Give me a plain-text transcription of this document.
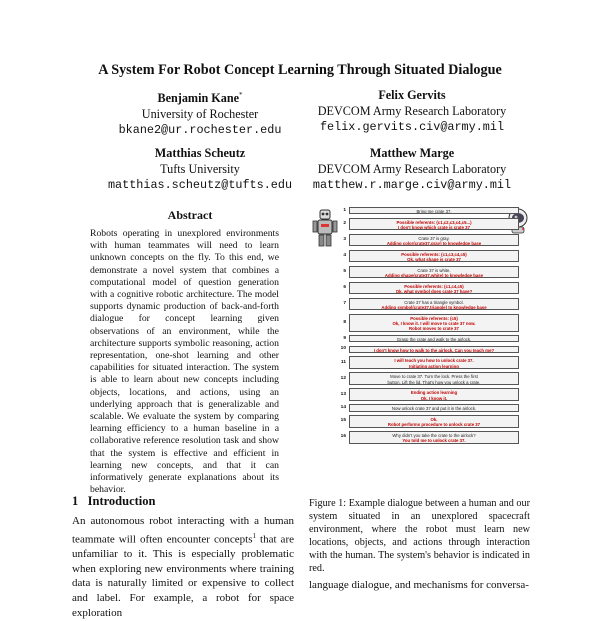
A System For Robot Concept Learning Through Situated Dialogue
Benjamin Kane*
University of Rochester
bkane2@ur.rochester.edu
Felix Gervits
DEVCOM Army Research Laboratory
felix.gervits.civ@army.mil
Matthias Scheutz
Tufts University
matthias.scheutz@tufts.edu
Matthew Marge
DEVCOM Army Research Laboratory
matthew.r.marge.civ@army.mil
Abstract
Robots operating in unexplored environments with human teammates will need to learn unknown concepts on the fly. To this end, we demonstrate a novel system that combines a computational model of question generation with a cognitive robotic architecture. The model supports dynamic production of back-and-forth dialogue for concept learning given observations of an environment, while the architecture supports symbolic reasoning, action representation, one-shot learning and other capabilities for situated interaction. The system is able to learn about new concepts including objects, locations, and actions, using an underlying approach that is generalizable and scalable. We evaluate the system by comparing learning efficiency to a human baseline in a collaborative reference resolution task and show that the system is effective and efficient in learning new concepts, and that it can informatively generate explanations about its behavior.
1   Introduction
An autonomous robot interacting with a human teammate will often encounter concepts$^1$ that are unfamiliar to it. This is especially problematic when exploring new environments where training data is naturally limited or expensive to collect and label. For example, a robot for space exploration
1	Bring me crate 37.
2	Possible referents: (c1,c2,c3,c4,c5...)
I don't know which crate is crate 37
3	Crate 37 is gray.
Adding color(crate37,gray) to knowledge base
4	Possible referents: (c1,c3,c4,c5)
Ok, what shape is crate 37
5	Crate 37 is white.
Adding shape(crate37,white) to knowledge base
6	Possible referents: (c1,c4,c5)
Ok, what symbol does crate 37 have?
7	Crate 37 has a triangle symbol.
Adding symbol(crate37,triangle) to knowledge base
8
Possible referents: (c5)
Ok, I know it. I will move to crate 37 now.
Robot moves to crate 37
9	Grasp the crate and walk to the airlock.
10	I don't know how to walk to the airlock. Can you teach me?
11	I will teach you how to unlock crate 37.
Initiating action learning
12	Move to crate 37. Turn the lock. Press the first
button. Lift the lid. That's how you unlock a crate.
13	Ending action learning
Ok, I know it.
14	Now unlock crate 37 and put it in the airlock.
15	Ok.
Robot performs procedure to unlock crate 37
16	Why didn't you take the crate to the airlock?
You told me to unlock crate 37.
Figure 1: Example dialogue between a human and our system situated in an unexplored spacecraft environment, where the robot must learn new locations, objects, and actions through interaction with the human. The system's behavior is indicated in red.
language dialogue, and mechanisms for conversa-
